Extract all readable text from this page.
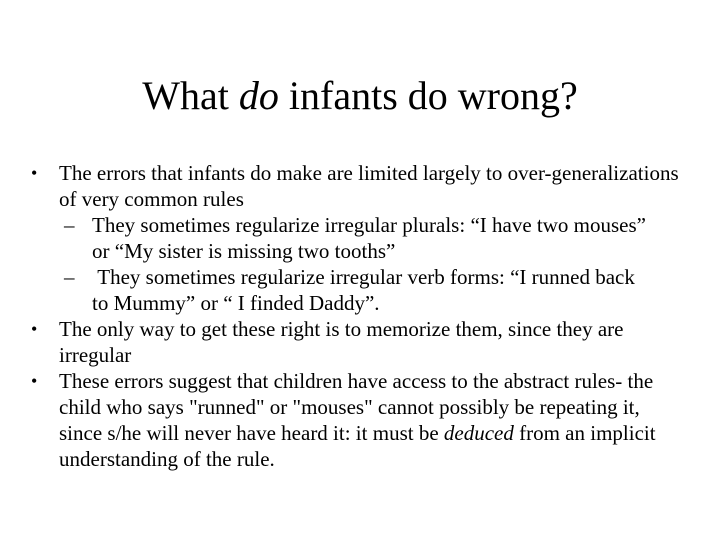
What do infants do wrong?
• The errors that infants do make are limited largely to over-generalizations of very common rules

– They sometimes regularize irregular plurals: “I have two mouses” or “My sister is missing two tooths”

– They sometimes regularize irregular verb forms: “I runned back to Mummy” or “ I finded Daddy”.

• The only way to get these right is to memorize them, since they are irregular

• These errors suggest that children have access to the abstract rules- the child who says "runned" or "mouses" cannot possibly be repeating it, since s/he will never have heard it: it must be deduced from an implicit understanding of the rule.
